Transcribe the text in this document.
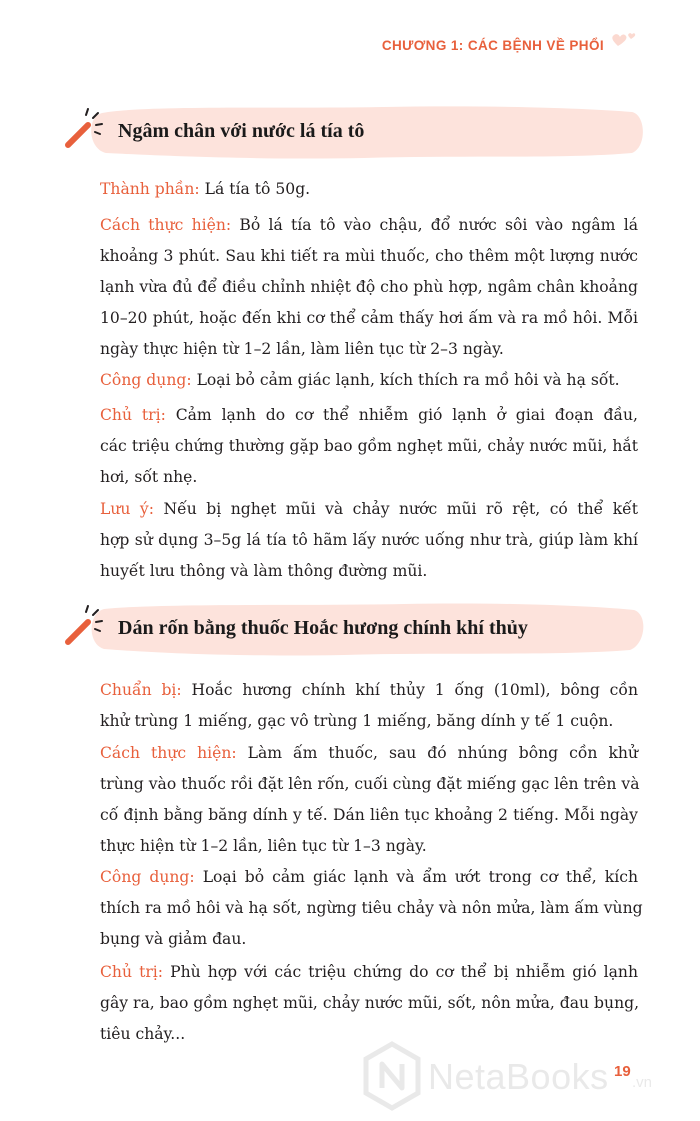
CHƯƠNG 1: CÁC BỆNH VỀ PHỔI
Ngâm chân với nước lá tía tô
Thành phần: Lá tía tô 50g.
Cách thực hiện: Bỏ lá tía tô vào chậu, đổ nước sôi vào ngâm lá
khoảng 3 phút. Sau khi tiết ra mùi thuốc, cho thêm một lượng nước
lạnh vừa đủ để điều chỉnh nhiệt độ cho phù hợp, ngâm chân khoảng
10–20 phút, hoặc đến khi cơ thể cảm thấy hơi ấm và ra mồ hôi. Mỗi
ngày thực hiện từ 1–2 lần, làm liên tục từ 2–3 ngày.
Công dụng: Loại bỏ cảm giác lạnh, kích thích ra mồ hôi và hạ sốt.
Chủ trị: Cảm lạnh do cơ thể nhiễm gió lạnh ở giai đoạn đầu,
các triệu chứng thường gặp bao gồm nghẹt mũi, chảy nước mũi, hắt
hơi, sốt nhẹ.
Lưu ý: Nếu bị nghẹt mũi và chảy nước mũi rõ rệt, có thể kết
hợp sử dụng 3–5g lá tía tô hãm lấy nước uống như trà, giúp làm khí
huyết lưu thông và làm thông đường mũi.
Dán rốn bằng thuốc Hoắc hương chính khí thủy
Chuẩn bị: Hoắc hương chính khí thủy 1 ống (10ml), bông cồn
khử trùng 1 miếng, gạc vô trùng 1 miếng, băng dính y tế 1 cuộn.
Cách thực hiện: Làm ấm thuốc, sau đó nhúng bông cồn khử
trùng vào thuốc rồi đặt lên rốn, cuối cùng đặt miếng gạc lên trên và
cố định bằng băng dính y tế. Dán liên tục khoảng 2 tiếng. Mỗi ngày
thực hiện từ 1–2 lần, liên tục từ 1–3 ngày.
Công dụng: Loại bỏ cảm giác lạnh và ẩm ướt trong cơ thể, kích
thích ra mồ hôi và hạ sốt, ngừng tiêu chảy và nôn mửa, làm ấm vùng
bụng và giảm đau.
Chủ trị: Phù hợp với các triệu chứng do cơ thể bị nhiễm gió lạnh
gây ra, bao gồm nghẹt mũi, chảy nước mũi, sốt, nôn mửa, đau bụng,
tiêu chảy...
NetaBooks .vn
19
